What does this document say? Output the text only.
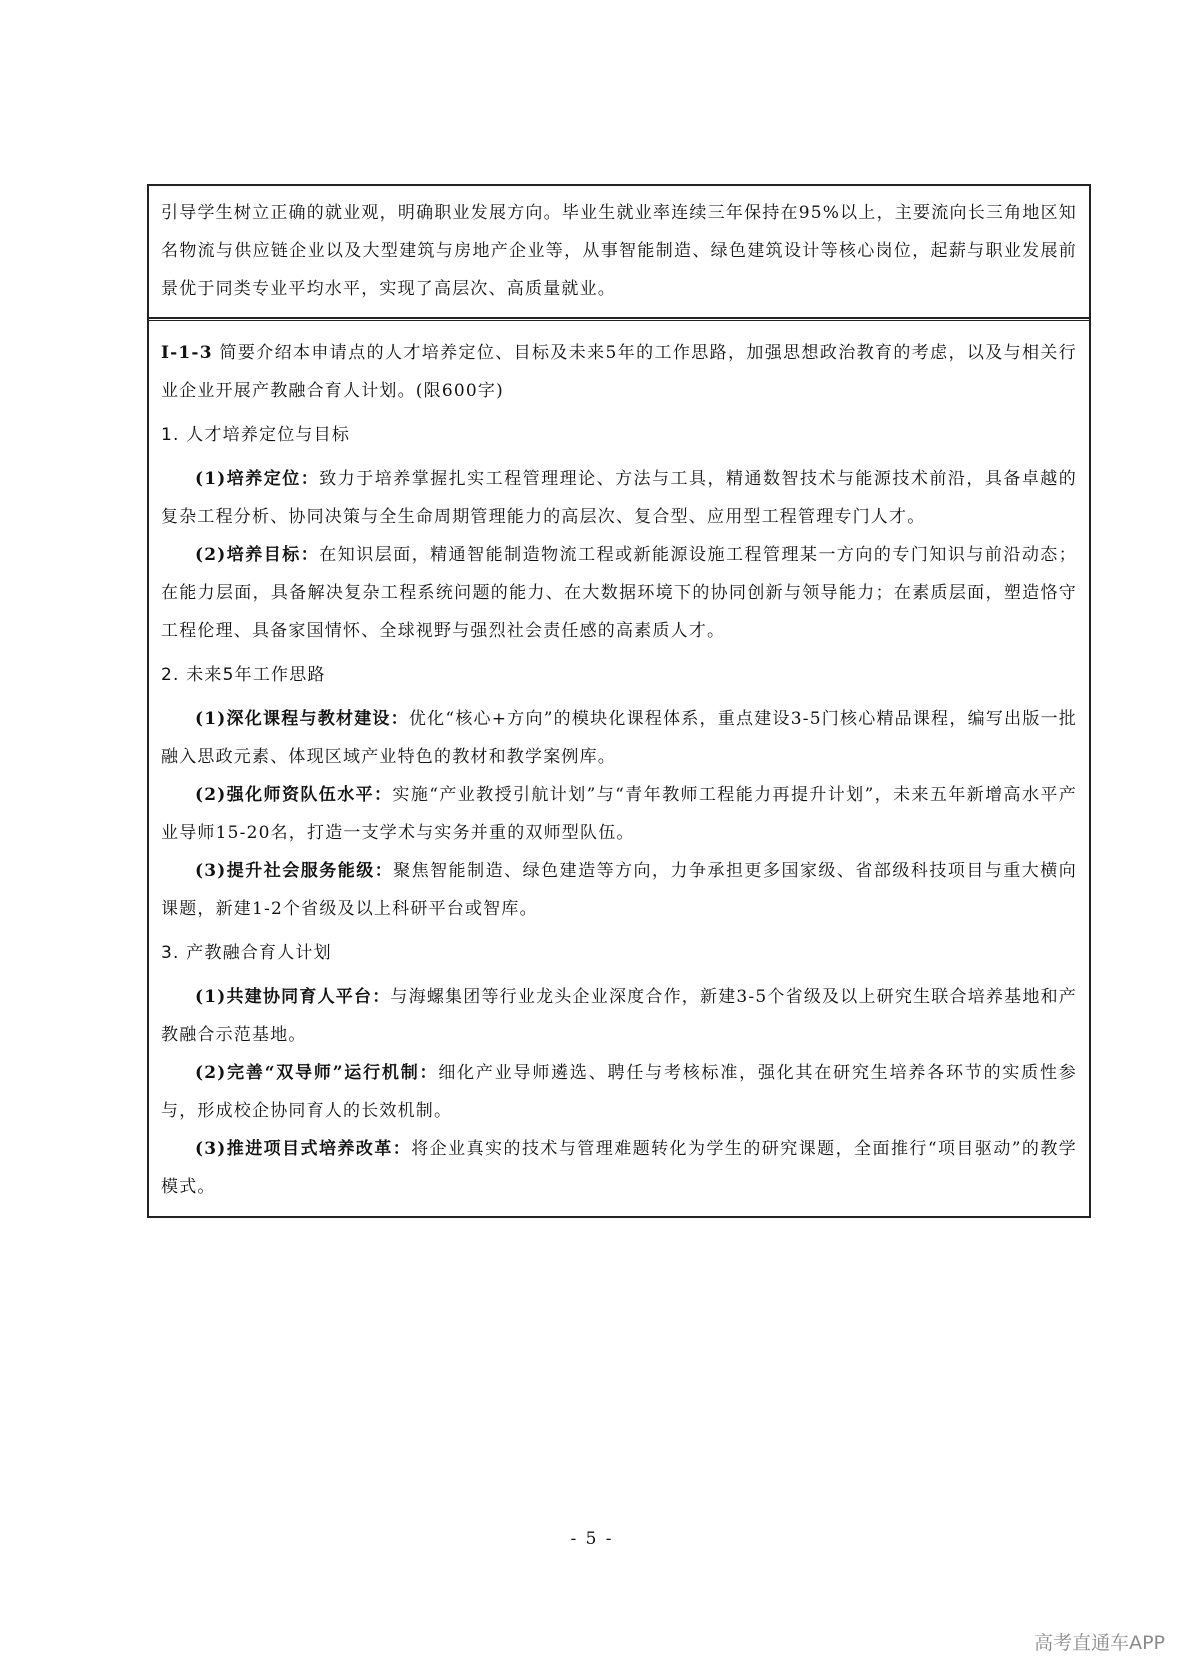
引导学生树立正确的就业观，明确职业发展方向。毕业生就业率连续三年保持在95%以上，主要流向长三角地区知名物流与供应链企业以及大型建筑与房地产企业等，从事智能制造、绿色建筑设计等核心岗位，起薪与职业发展前景优于同类专业平均水平，实现了高层次、高质量就业。

I-1-3 简要介绍本申请点的人才培养定位、目标及未来5年的工作思路，加强思想政治教育的考虑，以及与相关行业企业开展产教融合育人计划。(限600字)

1. 人才培养定位与目标

(1)培养定位：致力于培养掌握扎实工程管理理论、方法与工具，精通数智技术与能源技术前沿，具备卓越的复杂工程分析、协同决策与全生命周期管理能力的高层次、复合型、应用型工程管理专门人才。

(2)培养目标：在知识层面，精通智能制造物流工程或新能源设施工程管理某一方向的专门知识与前沿动态；在能力层面，具备解决复杂工程系统问题的能力、在大数据环境下的协同创新与领导能力；在素质层面，塑造恪守工程伦理、具备家国情怀、全球视野与强烈社会责任感的高素质人才。

2. 未来5年工作思路

(1)深化课程与教材建设：优化“核心+方向”的模块化课程体系，重点建设3-5门核心精品课程，编写出版一批融入思政元素、体现区域产业特色的教材和教学案例库。

(2)强化师资队伍水平：实施“产业教授引航计划”与“青年教师工程能力再提升计划”，未来五年新增高水平产业导师15-20名，打造一支学术与实务并重的双师型队伍。

(3)提升社会服务能级：聚焦智能制造、绿色建造等方向，力争承担更多国家级、省部级科技项目与重大横向课题，新建1-2个省级及以上科研平台或智库。

3. 产教融合育人计划

(1)共建协同育人平台：与海螺集团等行业龙头企业深度合作，新建3-5个省级及以上研究生联合培养基地和产教融合示范基地。

(2)完善“双导师”运行机制：细化产业导师遴选、聘任与考核标准，强化其在研究生培养各环节的实质性参与，形成校企协同育人的长效机制。

(3)推进项目式培养改革：将企业真实的技术与管理难题转化为学生的研究课题，全面推行“项目驱动”的教学模式。

- 5 -
高考直通车APP
